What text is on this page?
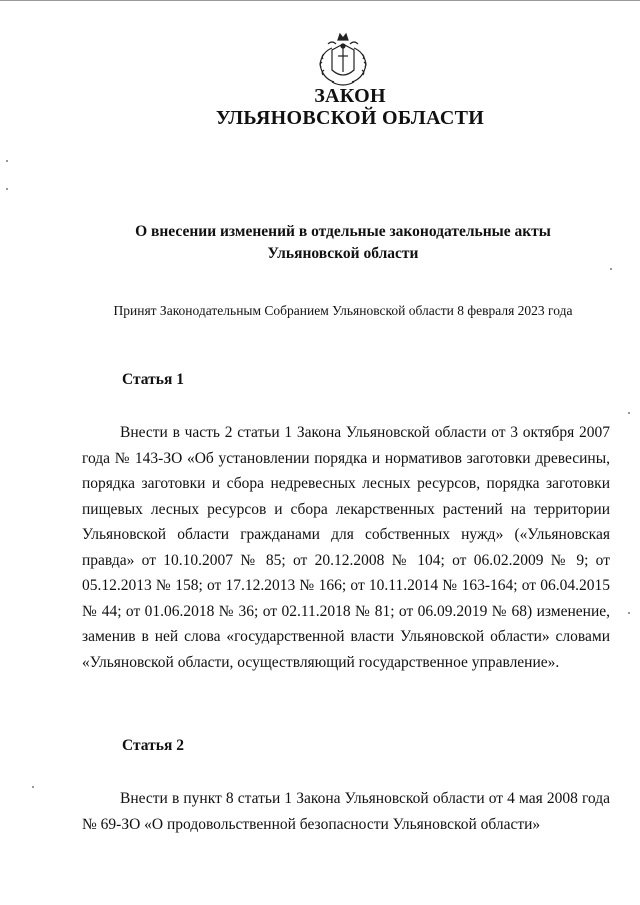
ЗАКОН
УЛЬЯНОВСКОЙ ОБЛАСТИ
О внесении изменений в отдельные законодательные акты Ульяновской области
Принят Законодательным Собранием Ульяновской области 8 февраля 2023 года
Статья 1
Внести в часть 2 статьи 1 Закона Ульяновской области от 3 октября 2007 года № 143-ЗО «Об установлении порядка и нормативов заготовки древесины, порядка заготовки и сбора недревесных лесных ресурсов, порядка заготовки пищевых лесных ресурсов и сбора лекарственных растений на территории Ульяновской области гражданами для собственных нужд» («Ульяновская правда» от 10.10.2007 № 85; от 20.12.2008 № 104; от 06.02.2009 № 9; от 05.12.2013 № 158; от 17.12.2013 № 166; от 10.11.2014 № 163-164; от 06.04.2015 № 44; от 01.06.2018 № 36; от 02.11.2018 № 81; от 06.09.2019 № 68) изменение, заменив в ней слова «государственной власти Ульяновской области» словами «Ульяновской области, осуществляющий государственное управление».
Статья 2
Внести в пункт 8 статьи 1 Закона Ульяновской области от 4 мая 2008 года № 69-ЗО «О продовольственной безопасности Ульяновской области»
